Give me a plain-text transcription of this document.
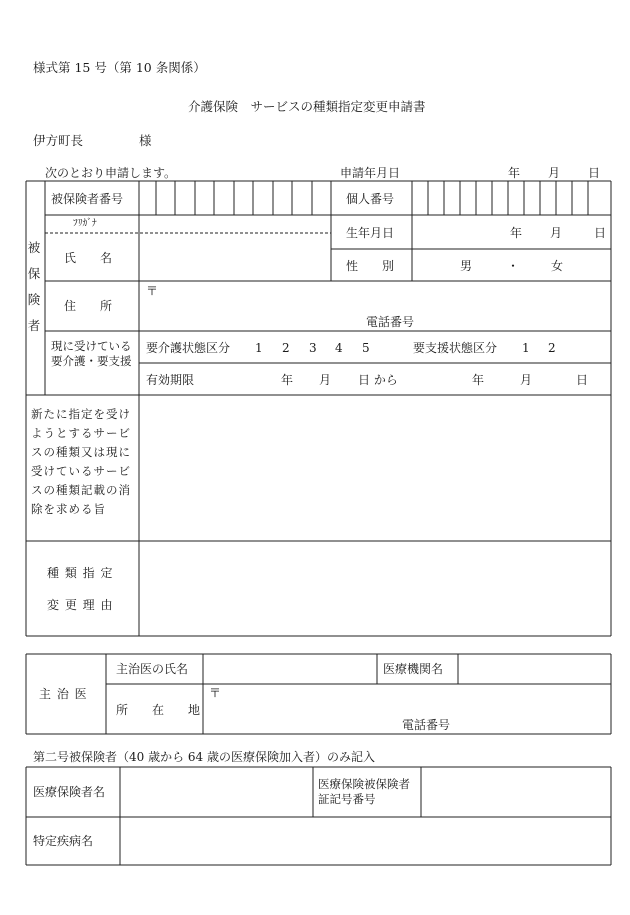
様式第 15 号（第 10 条関係）
介護保険　サービスの種類指定変更申請書
伊方町長	様
次のとおり申請します。	申請年月日	年 月 日
被保険者
被保険者番号	個人番号
ﾌﾘｶﾞﾅ
氏　　名
生年月日	年 月	日
性　　別	男	・	女
住　　所
〒
電話番号
現に受けている要介護・要支援
要介護状態区分 1 2 3 4 5	要支援状態区分 1 2
有効期限	年 月 日 から	年	月	日
新たに指定を受けようとするサービスの種類又は現に受けているサービスの種類記載の消除を求める旨
種 類 指 定
変 更 理 由
主 治 医
主治医の氏名	医療機関名
所　　在　　地
〒
電話番号
第二号被保険者（40 歳から 64 歳の医療保険加入者）のみ記入
医療保険者名
医療保険被保険者証記号番号
特定疾病名
